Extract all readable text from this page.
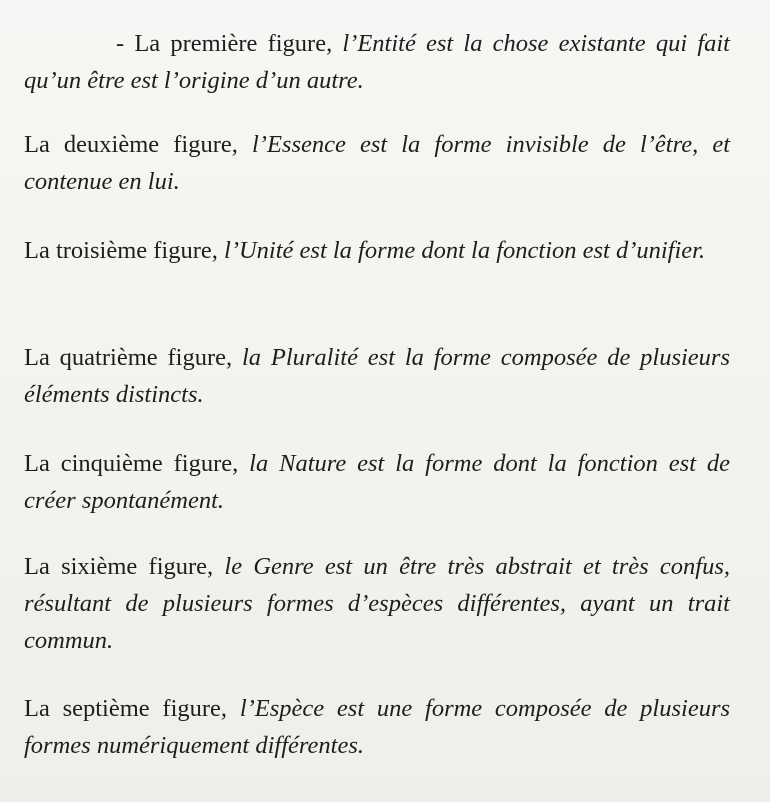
- La première figure, l’Entité est la chose existante qui fait qu’un être est l’origine d’un autre.

La deuxième figure, l’Essence est la forme invisible de l’être, et contenue en lui.

La troisième figure, l’Unité est la forme dont la fonction est d’unifier.

La quatrième figure, la Pluralité est la forme composée de plusieurs éléments distincts.

La cinquième figure, la Nature est la forme dont la fonction est de créer spontanément.

La sixième figure, le Genre est un être très abstrait et très confus, résultant de plusieurs formes d’espèces différentes, ayant un trait commun.

La septième figure, l’Espèce est une forme composée de plusieurs formes numériquement différentes.
